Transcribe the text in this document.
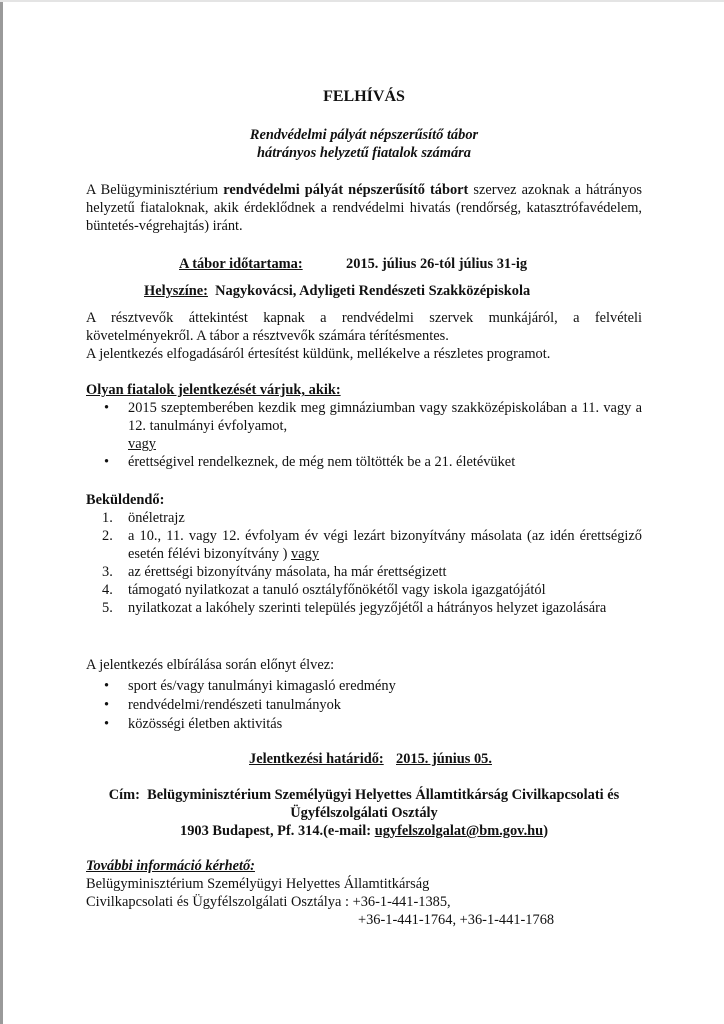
FELHÍVÁS
Rendvédelmi pályát népszerűsítő tábor
hátrányos helyzetű fiatalok számára
A Belügyminisztérium rendvédelmi pályát népszerűsítő tábort szervez azoknak a hátrányos helyzetű fiataloknak, akik érdeklődnek a rendvédelmi hivatás (rendőrség, katasztrófavédelem, büntetés-végrehajtás) iránt.
A tábor időtartama:	2015. július 26-tól július 31-ig
Helyszíne: Nagykovácsi, Adyligeti Rendészeti Szakközépiskola
A résztvevők áttekintést kapnak a rendvédelmi szervek munkájáról, a felvételi követelményekről. A tábor a résztvevők számára térítésmentes.
A jelentkezés elfogadásáról értesítést küldünk, mellékelve a részletes programot.
Olyan fiatalok jelentkezését várjuk, akik:
• 2015 szeptemberében kezdik meg gimnáziumban vagy szakközépiskolában a 11. vagy a 12. tanulmányi évfolyamot,
vagy
• érettségivel rendelkeznek, de még nem töltötték be a 21. életévüket
Beküldendő:
1. önéletrajz
2. a 10., 11. vagy 12. évfolyam év végi lezárt bizonyítvány másolata (az idén érettségiző esetén félévi bizonyítvány ) vagy
3. az érettségi bizonyítvány másolata, ha már érettségizett
4. támogató nyilatkozat a tanuló osztályfőnökétől vagy iskola igazgatójától
5. nyilatkozat a lakóhely szerinti település jegyzőjétől a hátrányos helyzet igazolására
A jelentkezés elbírálása során előnyt élvez:
• sport és/vagy tanulmányi kimagasló eredmény
• rendvédelmi/rendészeti tanulmányok
• közösségi életben aktivitás
Jelentkezési határidő: 2015. június 05.
Cím: Belügyminisztérium Személyügyi Helyettes Államtitkárság Civilkapcsolati és
Ügyfélszolgálati Osztály
1903 Budapest, Pf. 314.(e-mail: ugyfelszolgalat@bm.gov.hu)
További információ kérhető:
Belügyminisztérium Személyügyi Helyettes Államtitkárság
Civilkapcsolati és Ügyfélszolgálati Osztálya : +36-1-441-1385,
+36-1-441-1764, +36-1-441-1768
